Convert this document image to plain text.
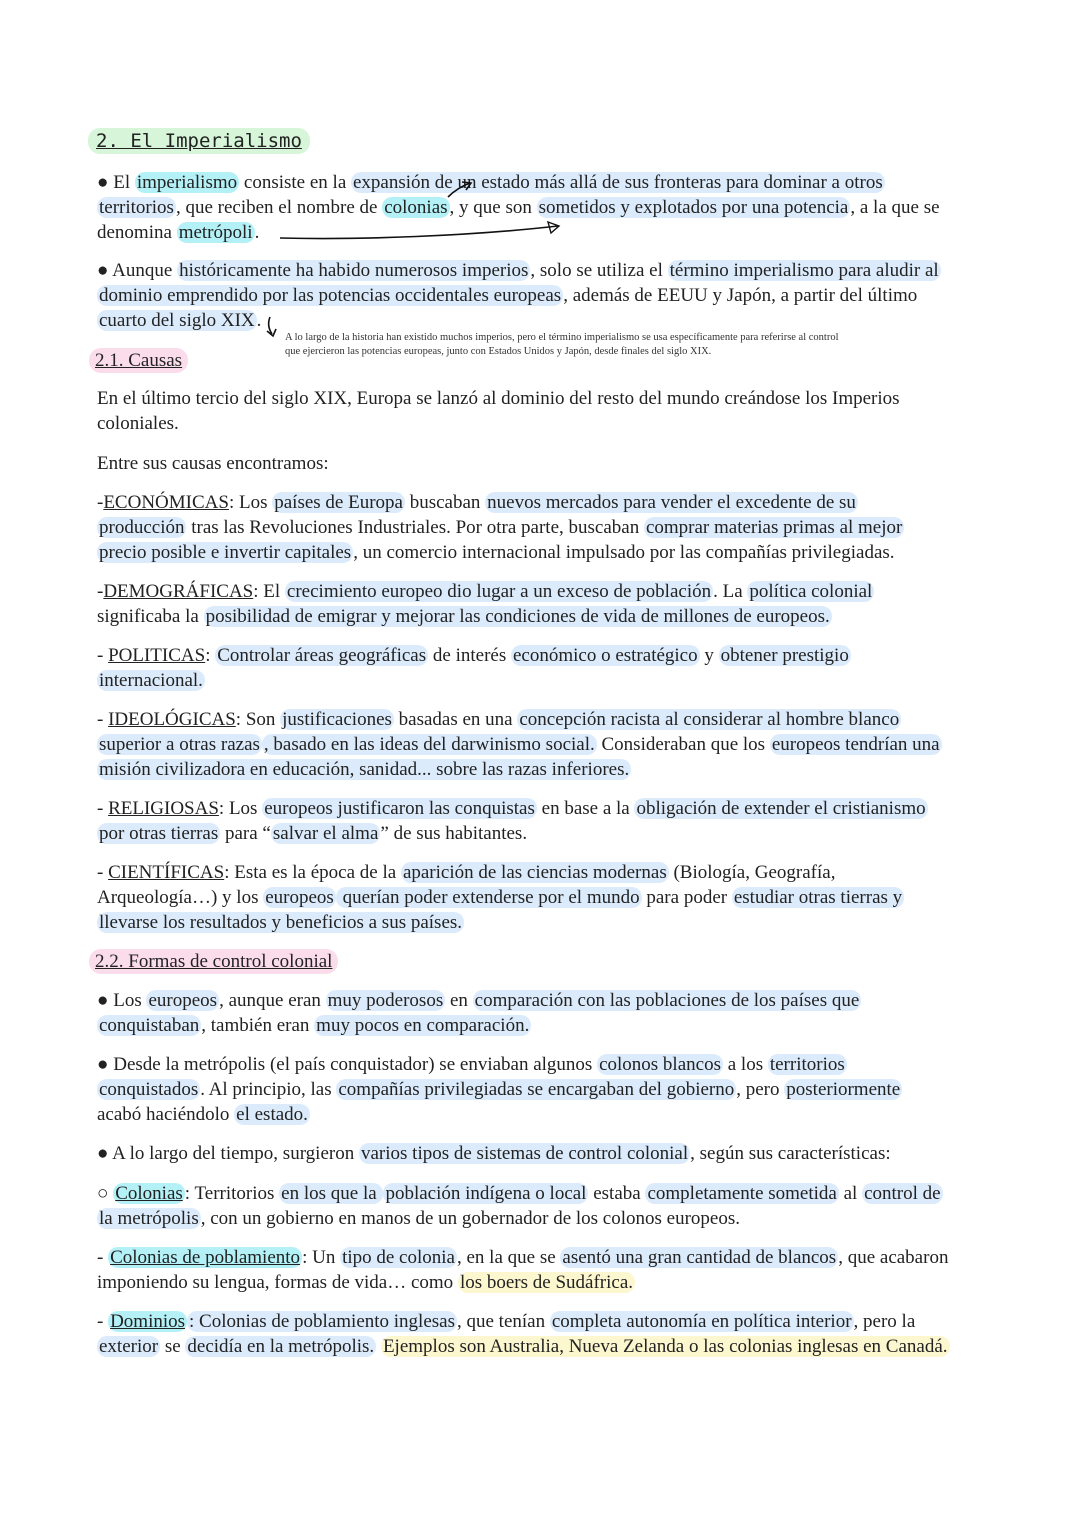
2. El Imperialismo
● El imperialismo consiste en la expansión de un estado más allá de sus fronteras para dominar a otros
territorios , que reciben el nombre de colonias , y que son sometidos y explotados por una potencia , a la que se
denomina metrópoli .
● Aunque históricamente ha habido numerosos imperios , solo se utiliza el término imperialismo para aludir al
dominio emprendido por las potencias occidentales europeas , además de EEUU y Japón, a partir del último
cuarto del siglo XIX .
A lo largo de la historia han existido muchos imperios, pero el término imperialismo se usa específicamente para referirse al control
que ejercieron las potencias europeas, junto con Estados Unidos y Japón, desde finales del siglo XIX.
2.1. Causas
En el último tercio del siglo XIX, Europa se lanzó al dominio del resto del mundo creándose los Imperios
coloniales.
Entre sus causas encontramos:
-ECONÓMICAS: Los países de Europa buscaban nuevos mercados para vender el excedente de su
producción tras las Revoluciones Industriales. Por otra parte, buscaban comprar materias primas al mejor
precio posible e invertir capitales , un comercio internacional impulsado por las compañías privilegiadas.
-DEMOGRÁFICAS: El crecimiento europeo dio lugar a un exceso de población . La política colonial
significaba la posibilidad de emigrar y mejorar las condiciones de vida de millones de europeos.
- POLITICAS: Controlar áreas geográficas de interés económico o estratégico y obtener prestigio
internacional.
- IDEOLÓGICAS: Son justificaciones basadas en una concepción racista al considerar al hombre blanco
superior a otras razas , basado en las ideas del darwinismo social. Consideraban que los europeos tendrían una
misión civilizadora en educación, sanidad... sobre las razas inferiores.
- RELIGIOSAS: Los europeos justificaron las conquistas en base a la obligación de extender el cristianismo
por otras tierras para “ salvar el alma ” de sus habitantes.
- CIENTÍFICAS: Esta es la época de la aparición de las ciencias modernas (Biología, Geografía,
Arqueología…) y los europeos querían poder extenderse por el mundo para poder estudiar otras tierras y
llevarse los resultados y beneficios a sus países.
2.2. Formas de control colonial
● Los europeos , aunque eran muy poderosos en comparación con las poblaciones de los países que
conquistaban , también eran muy pocos en comparación.
● Desde la metrópolis (el país conquistador) se enviaban algunos colonos blancos a los territorios
conquistados . Al principio, las compañías privilegiadas se encargaban del gobierno , pero posteriormente
acabó haciéndolo el estado.
● A lo largo del tiempo, surgieron varios tipos de sistemas de control colonial , según sus características:
○ Colonias : Territorios en los que la población indígena o local estaba completamente sometida al control de
la metrópolis , con un gobierno en manos de un gobernador de los colonos europeos.
- Colonias de poblamiento : Un tipo de colonia , en la que se asentó una gran cantidad de blancos , que acabaron
imponiendo su lengua, formas de vida… como los boers de Sudáfrica.
- Dominios : Colonias de poblamiento inglesas , que tenían completa autonomía en política interior , pero la
exterior se decidía en la metrópolis. Ejemplos son Australia, Nueva Zelanda o las colonias inglesas en Canadá.
